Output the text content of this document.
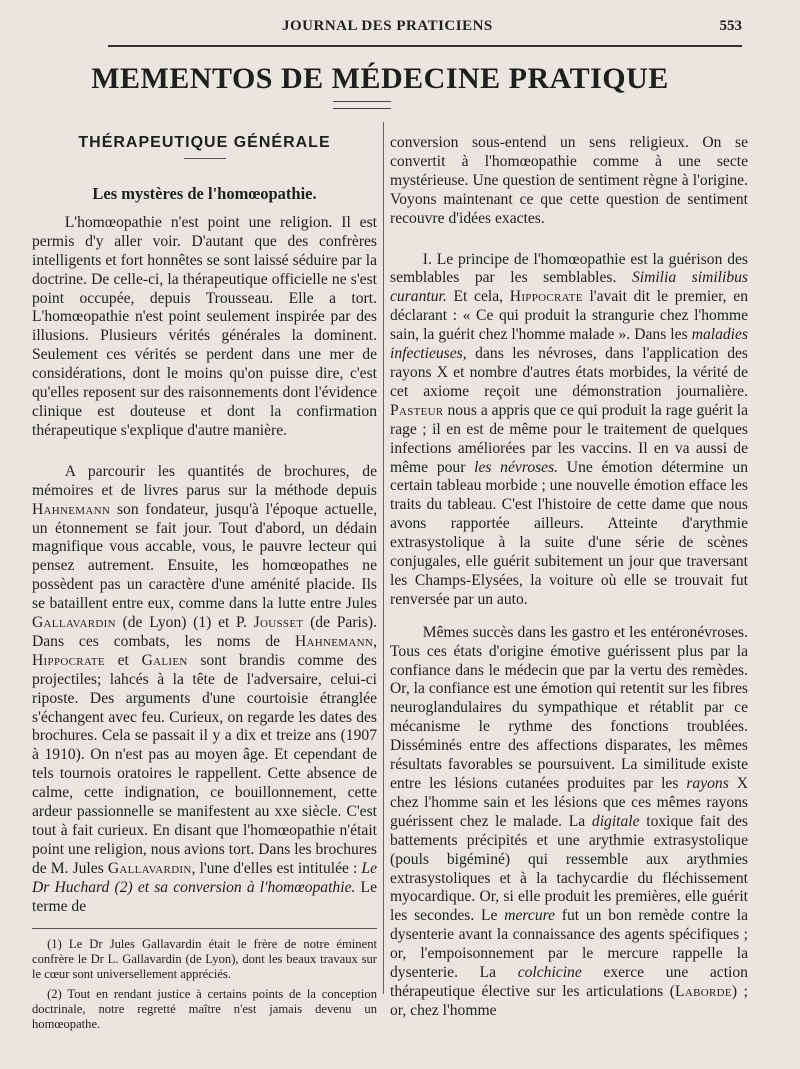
JOURNAL DES PRATICIENS	553
MEMENTOS DE MÉDECINE PRATIQUE
THÉRAPEUTIQUE GÉNÉRALE
Les mystères de l'homœopathie.

L'homœopathie n'est point une religion. Il est permis d'y aller voir. D'autant que des confrères intelligents et fort honnêtes se sont laissé séduire par la doctrine. De celle-ci, la thérapeutique officielle ne s'est point occupée, depuis Trousseau. Elle a tort. L'homœopathie n'est point seulement inspirée par des illusions. Plusieurs vérités générales la dominent. Seulement ces vérités se perdent dans une mer de considérations, dont le moins qu'on puisse dire, c'est qu'elles reposent sur des raisonnements dont l'évidence clinique est douteuse et dont la confirmation thérapeutique s'explique d'autre manière.

A parcourir les quantités de brochures, de mémoires et de livres parus sur la méthode depuis Hahnemann son fondateur, jusqu'à l'époque actuelle, un étonnement se fait jour. Tout d'abord, un dédain magnifique vous accable, vous, le pauvre lecteur qui pensez autrement. Ensuite, les homœopathes ne possèdent pas un caractère d'une aménité placide. Ils se bataillent entre eux, comme dans la lutte entre Jules Gallavardin (de Lyon) (1) et P. Jousset (de Paris). Dans ces combats, les noms de Hahnemann, Hippocrate et Galien sont brandis comme des projectiles; lahcés à la tête de l'adversaire, celui-ci riposte. Des arguments d'une courtoisie étranglée s'échangent avec feu. Curieux, on regarde les dates des brochures. Cela se passait il y a dix et treize ans (1907 à 1910). On n'est pas au moyen âge. Et cependant de tels tournois oratoires le rappellent. Cette absence de calme, cette indignation, ce bouillonnement, cette ardeur passionnelle se manifestent au xxe siècle. C'est tout à fait curieux. En disant que l'homœopathie n'était point une religion, nous avions tort. Dans les brochures de M. Jules Gallavardin, l'une d'elles est intitulée : Le Dr Huchard (2) et sa conversion à l'homœopathie. Le terme de

(1) Le Dr Jules Gallavardin était le frère de notre éminent confrère le Dr L. Gallavardin (de Lyon), dont les beaux travaux sur le cœur sont universellement appréciés.

(2) Tout en rendant justice à certains points de la conception doctrinale, notre regretté maître n'est jamais devenu un homœopathe.

conversion sous-entend un sens religieux. On se convertit à l'homœopathie comme à une secte mystérieuse. Une question de sentiment règne à l'origine. Voyons maintenant ce que cette question de sentiment recouvre d'idées exactes.

I. Le principe de l'homœopathie est la guérison des semblables par les semblables. Similia similibus curantur. Et cela, Hippocrate l'avait dit le premier, en déclarant : « Ce qui produit la strangurie chez l'homme sain, la guérit chez l'homme malade ». Dans les maladies infectieuses, dans les névroses, dans l'application des rayons X et nombre d'autres états morbides, la vérité de cet axiome reçoit une démonstration journalière. Pasteur nous a appris que ce qui produit la rage guérit la rage ; il en est de même pour le traitement de quelques infections améliorées par les vaccins. Il en va aussi de même pour les névroses. Une émotion détermine un certain tableau morbide ; une nouvelle émotion efface les traits du tableau. C'est l'histoire de cette dame que nous avons rapportée ailleurs. Atteinte d'arythmie extrasystolique à la suite d'une série de scènes conjugales, elle guérit subitement un jour que traversant les Champs-Elysées, la voiture où elle se trouvait fut renversée par un auto.

Mêmes succès dans les gastro et les entéronévroses. Tous ces états d'origine émotive guérissent plus par la confiance dans le médecin que par la vertu des remèdes. Or, la confiance est une émotion qui retentit sur les fibres neuroglandulaires du sympathique et rétablit par ce mécanisme le rythme des fonctions troublées. Disséminés entre des affections disparates, les mêmes résultats favorables se poursuivent. La similitude existe entre les lésions cutanées produites par les rayons X chez l'homme sain et les lésions que ces mêmes rayons guérissent chez le malade. La digitale toxique fait des battements précipités et une arythmie extrasystolique (pouls bigéminé) qui ressemble aux arythmies extrasystoliques et à la tachycardie du fléchissement myocardique. Or, si elle produit les premières, elle guérit les secondes. Le mercure fut un bon remède contre la dysenterie avant la connaissance des agents spécifiques ; or, l'empoisonnement par le mercure rappelle la dysenterie. La colchicine exerce une action thérapeutique élective sur les articulations (Laborde) ; or, chez l'homme
